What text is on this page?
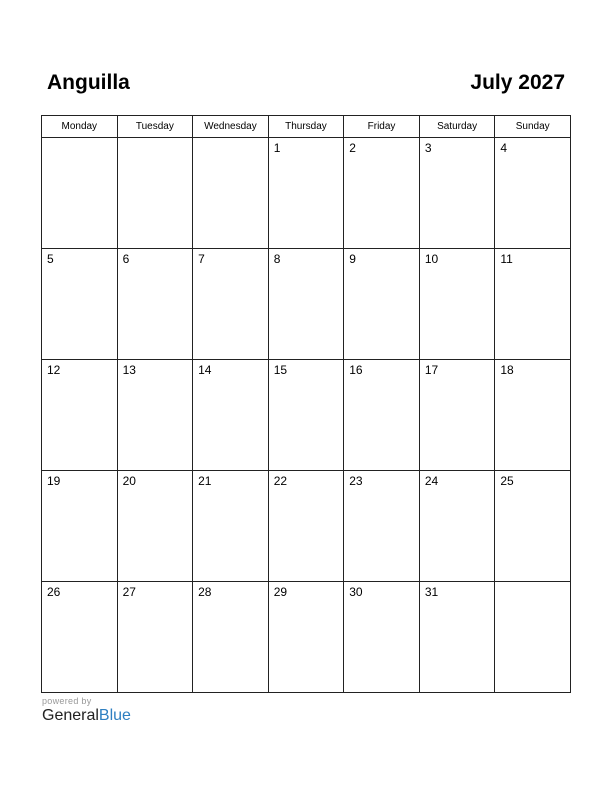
Anguilla	July 2027
Monday	Tuesday	Wednesday	Thursday	Friday	Saturday	Sunday

			1	2	3	4

5	6	7	8	9	10	11

12	13	14	15	16	17	18

19	20	21	22	23	24	25

26	27	28	29	30	31	

powered by
GeneralBlue
